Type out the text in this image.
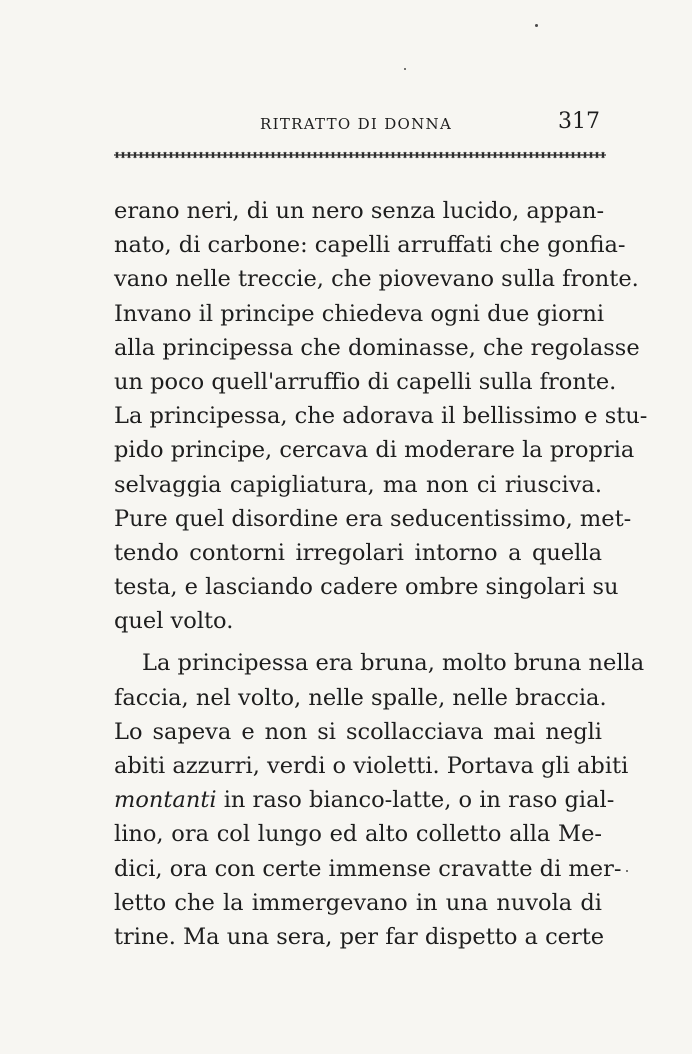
RITRATTO DI DONNA	317
erano neri, di un nero senza lucido, appan-
nato, di carbone: capelli arruffati che gonfia-
vano nelle treccie, che piovevano sulla fronte.
Invano il principe chiedeva ogni due giorni
alla principessa che dominasse, che regolasse
un poco quell'arruffio di capelli sulla fronte.
La principessa, che adorava il bellissimo e stu-
pido principe, cercava di moderare la propria
selvaggia capigliatura, ma non ci riusciva.
Pure quel disordine era seducentissimo, met-
tendo contorni irregolari intorno a quella
testa, e lasciando cadere ombre singolari su
quel volto.
La principessa era bruna, molto bruna nella
faccia, nel volto, nelle spalle, nelle braccia.
Lo sapeva e non si scollacciava mai negli
abiti azzurri, verdi o violetti. Portava gli abiti
montanti in raso bianco-latte, o in raso gial-
lino, ora col lungo ed alto colletto alla Me-
dici, ora con certe immense cravatte di mer-
letto che la immergevano in una nuvola di
trine. Ma una sera, per far dispetto a certe
